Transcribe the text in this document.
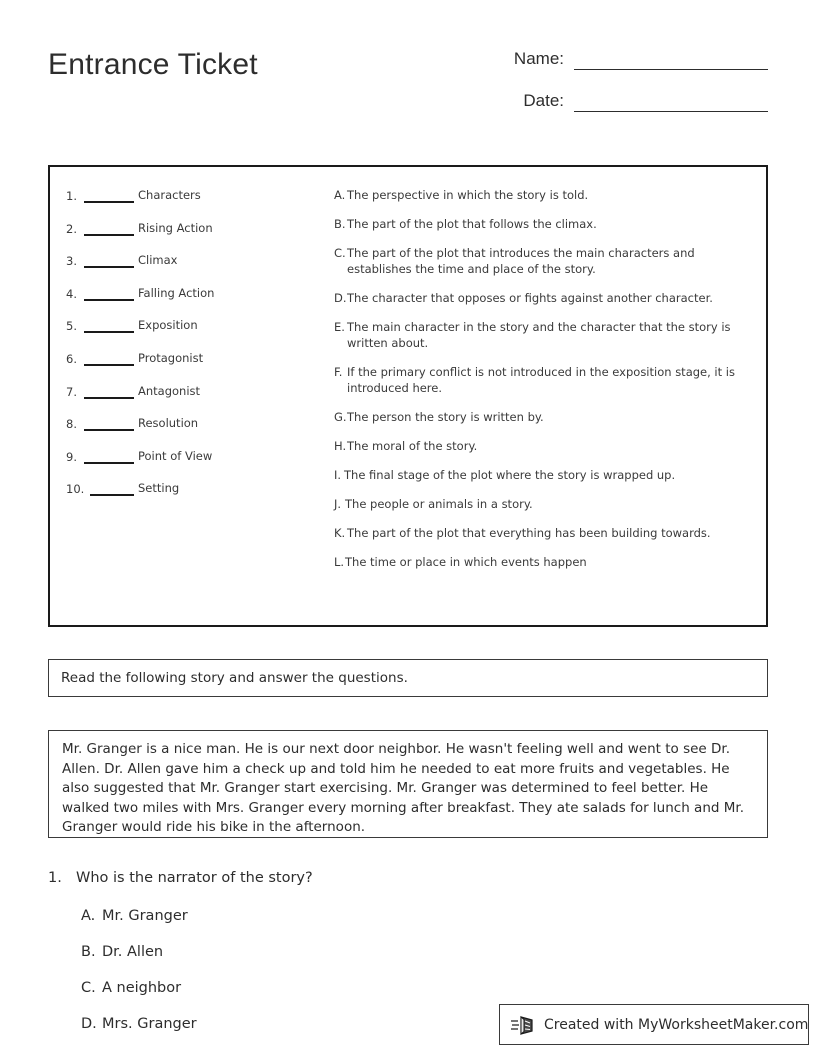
Entrance Ticket	Name:
Date:
1.	Characters
2.	Rising Action
3.	Climax
4.	Falling Action
5.	Exposition
6.	Protagonist
7.	Antagonist
8.	Resolution
9.	Point of View
10.	Setting
A. The perspective in which the story is told.
B. The part of the plot that follows the climax.
C. The part of the plot that introduces the main characters and establishes the time and place of the story.
D. The character that opposes or fights against another character.
E. The main character in the story and the character that the story is written about.
F. If the primary conflict is not introduced in the exposition stage, it is introduced here.
G. The person the story is written by.
H. The moral of the story.
I. The final stage of the plot where the story is wrapped up.
J. The people or animals in a story.
K. The part of the plot that everything has been building towards.
L. The time or place in which events happen
Read the following story and answer the questions.
Mr. Granger is a nice man. He is our next door neighbor. He wasn't feeling well and went to see Dr. Allen. Dr. Allen gave him a check up and told him he needed to eat more fruits and vegetables. He also suggested that Mr. Granger start exercising. Mr. Granger was determined to feel better. He walked two miles with Mrs. Granger every morning after breakfast. They ate salads for lunch and Mr. Granger would ride his bike in the afternoon.
1. Who is the narrator of the story?
A. Mr. Granger
B. Dr. Allen
C. A neighbor
D. Mrs. Granger	Created with MyWorksheetMaker.com
